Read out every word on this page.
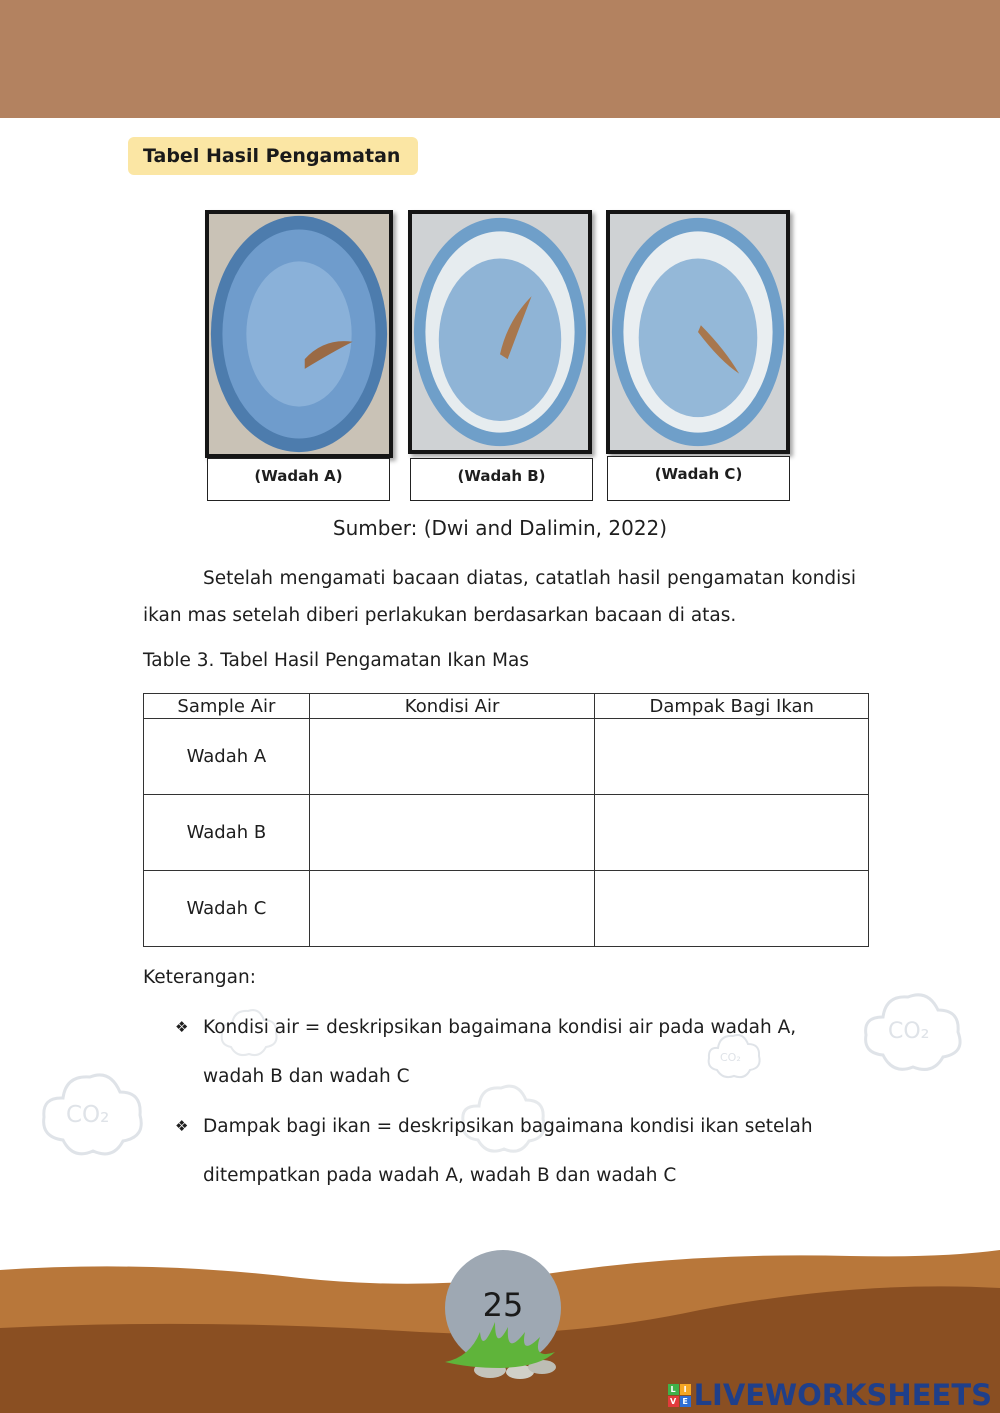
Tabel Hasil Pengamatan
(Wadah A)	(Wadah B)	(Wadah C)
Sumber: (Dwi and Dalimin, 2022)

Setelah mengamati bacaan diatas, catatlah hasil pengamatan kondisi ikan mas setelah diberi perlakukan berdasarkan bacaan di atas.

Table 3. Tabel Hasil Pengamatan Ikan Mas
Sample Air	Kondisi Air	Dampak Bagi Ikan
Wadah A		
Wadah B		
Wadah C		
CO₂
CO₂
CO₂
Keterangan:
❖ Kondisi air = deskripsikan bagaimana kondisi air pada wadah A,
wadah B dan wadah C
❖ Dampak bagi ikan = deskripsikan bagaimana kondisi ikan setelah
ditempatkan pada wadah A, wadah B dan wadah C
25
L I
V E LIVEWORKSHEETS
